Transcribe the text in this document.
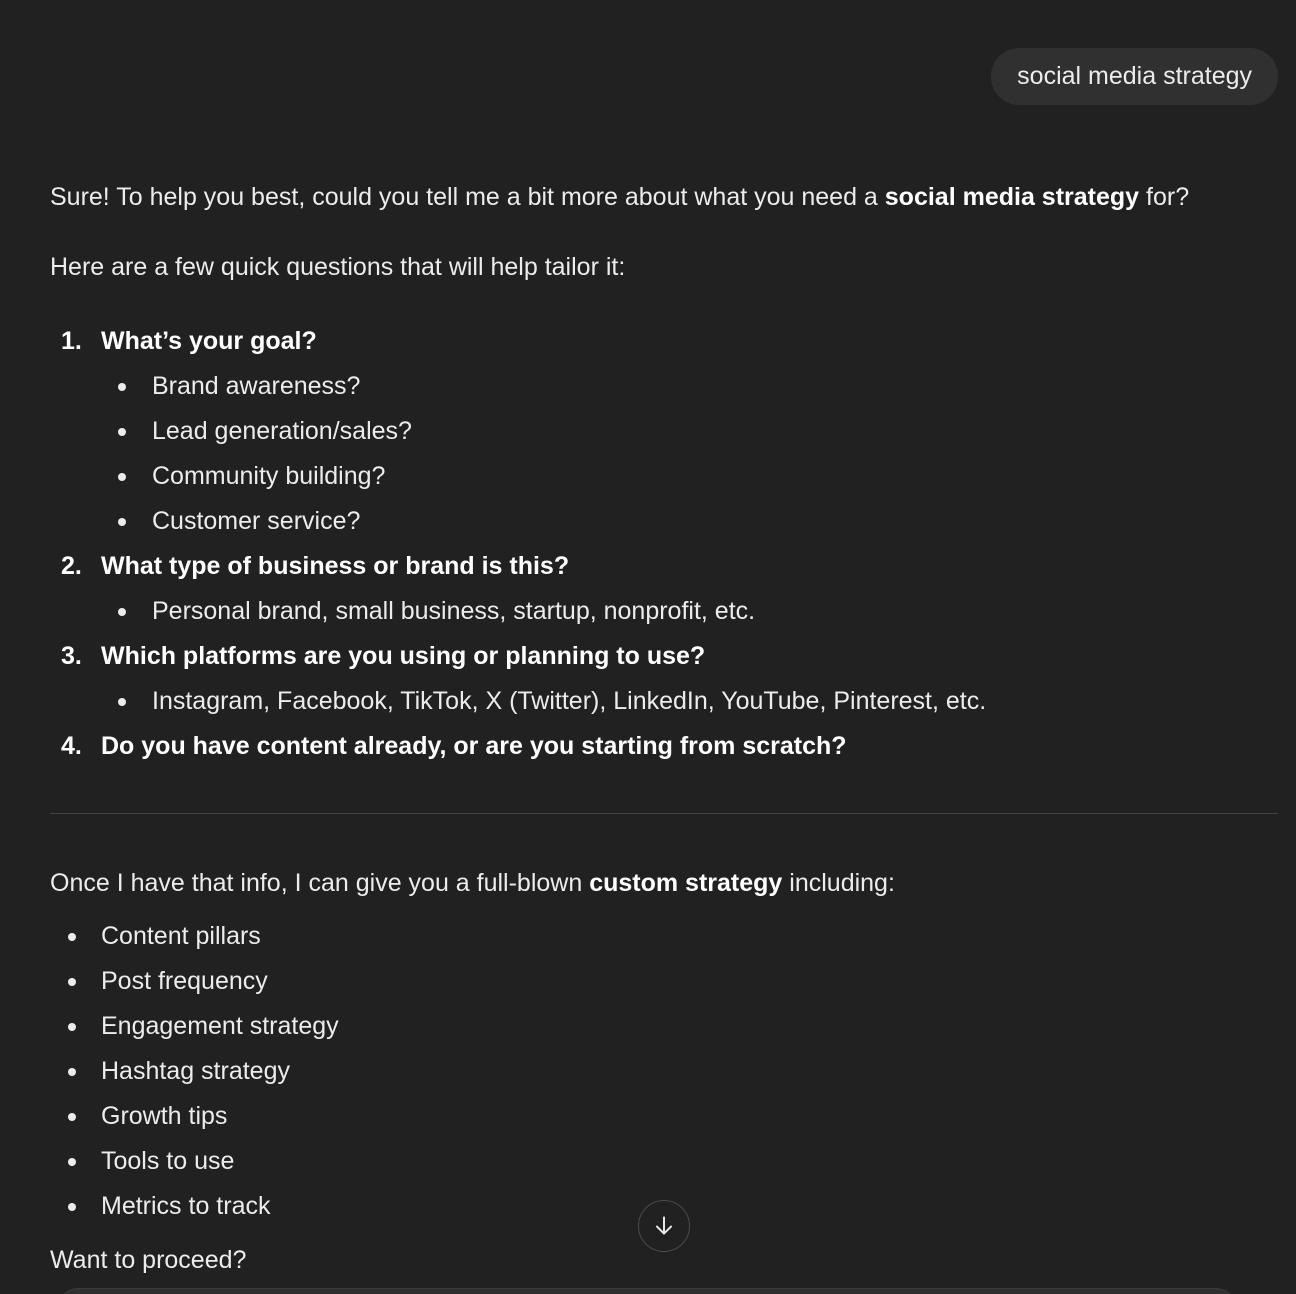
social media strategy

Sure! To help you best, could you tell me a bit more about what you need a social media strategy for?

Here are a few quick questions that will help tailor it:

1. What’s your goal?
Brand awareness?
Lead generation/sales?
Community building?
Customer service?
2. What type of business or brand is this?
Personal brand, small business, startup, nonprofit, etc.
3. Which platforms are you using or planning to use?
Instagram, Facebook, TikTok, X (Twitter), LinkedIn, YouTube, Pinterest, etc.
4. Do you have content already, or are you starting from scratch?

Once I have that info, I can give you a full-blown custom strategy including:

Content pillars
Post frequency
Engagement strategy
Hashtag strategy
Growth tips
Tools to use
Metrics to track

Want to proceed?
